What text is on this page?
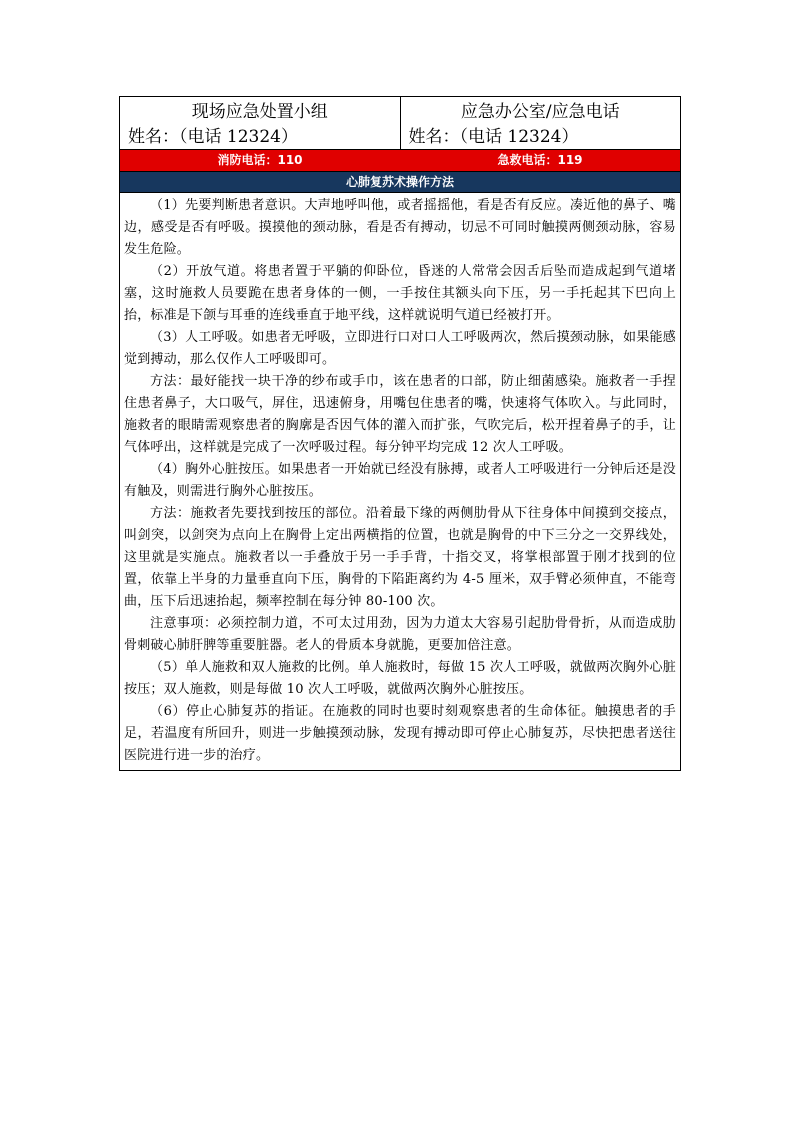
现场应急处置小组
姓名：（电话 12324）
应急办公室/应急电话
姓名：（电话 12324）
消防电话：110	急救电话：119
心肺复苏术操作方法

（1）先要判断患者意识。大声地呼叫他，或者摇摇他，看是否有反应。凑近他的鼻子、嘴边，感受是否有呼吸。摸摸他的颈动脉，看是否有搏动，切忌不可同时触摸两侧颈动脉，容易发生危险。

（2）开放气道。将患者置于平躺的仰卧位，昏迷的人常常会因舌后坠而造成起到气道堵塞，这时施救人员要跪在患者身体的一侧，一手按住其额头向下压，另一手托起其下巴向上抬，标准是下颌与耳垂的连线垂直于地平线，这样就说明气道已经被打开。

（3）人工呼吸。如患者无呼吸，立即进行口对口人工呼吸两次，然后摸颈动脉，如果能感觉到搏动，那么仅作人工呼吸即可。

方法：最好能找一块干净的纱布或手巾，该在患者的口部，防止细菌感染。施救者一手捏住患者鼻子，大口吸气，屏住，迅速俯身，用嘴包住患者的嘴，快速将气体吹入。与此同时，施救者的眼睛需观察患者的胸廓是否因气体的灌入而扩张，气吹完后，松开捏着鼻子的手，让气体呼出，这样就是完成了一次呼吸过程。每分钟平均完成 12 次人工呼吸。

（4）胸外心脏按压。如果患者一开始就已经没有脉搏，或者人工呼吸进行一分钟后还是没有触及，则需进行胸外心脏按压。

方法：施救者先要找到按压的部位。沿着最下缘的两侧肋骨从下往身体中间摸到交接点，叫剑突，以剑突为点向上在胸骨上定出两横指的位置，也就是胸骨的中下三分之一交界线处，这里就是实施点。施救者以一手叠放于另一手手背，十指交叉，将掌根部置于刚才找到的位置，依靠上半身的力量垂直向下压，胸骨的下陷距离约为 4-5 厘米，双手臂必须伸直，不能弯曲，压下后迅速抬起，频率控制在每分钟 80-100 次。

注意事项：必须控制力道，不可太过用劲，因为力道太大容易引起肋骨骨折，从而造成肋骨刺破心肺肝脾等重要脏器。老人的骨质本身就脆，更要加倍注意。

（5）单人施救和双人施救的比例。单人施救时，每做 15 次人工呼吸，就做两次胸外心脏按压；双人施救，则是每做 10 次人工呼吸，就做两次胸外心脏按压。

（6）停止心肺复苏的指证。在施救的同时也要时刻观察患者的生命体征。触摸患者的手足，若温度有所回升，则进一步触摸颈动脉，发现有搏动即可停止心肺复苏，尽快把患者送往医院进行进一步的治疗。
